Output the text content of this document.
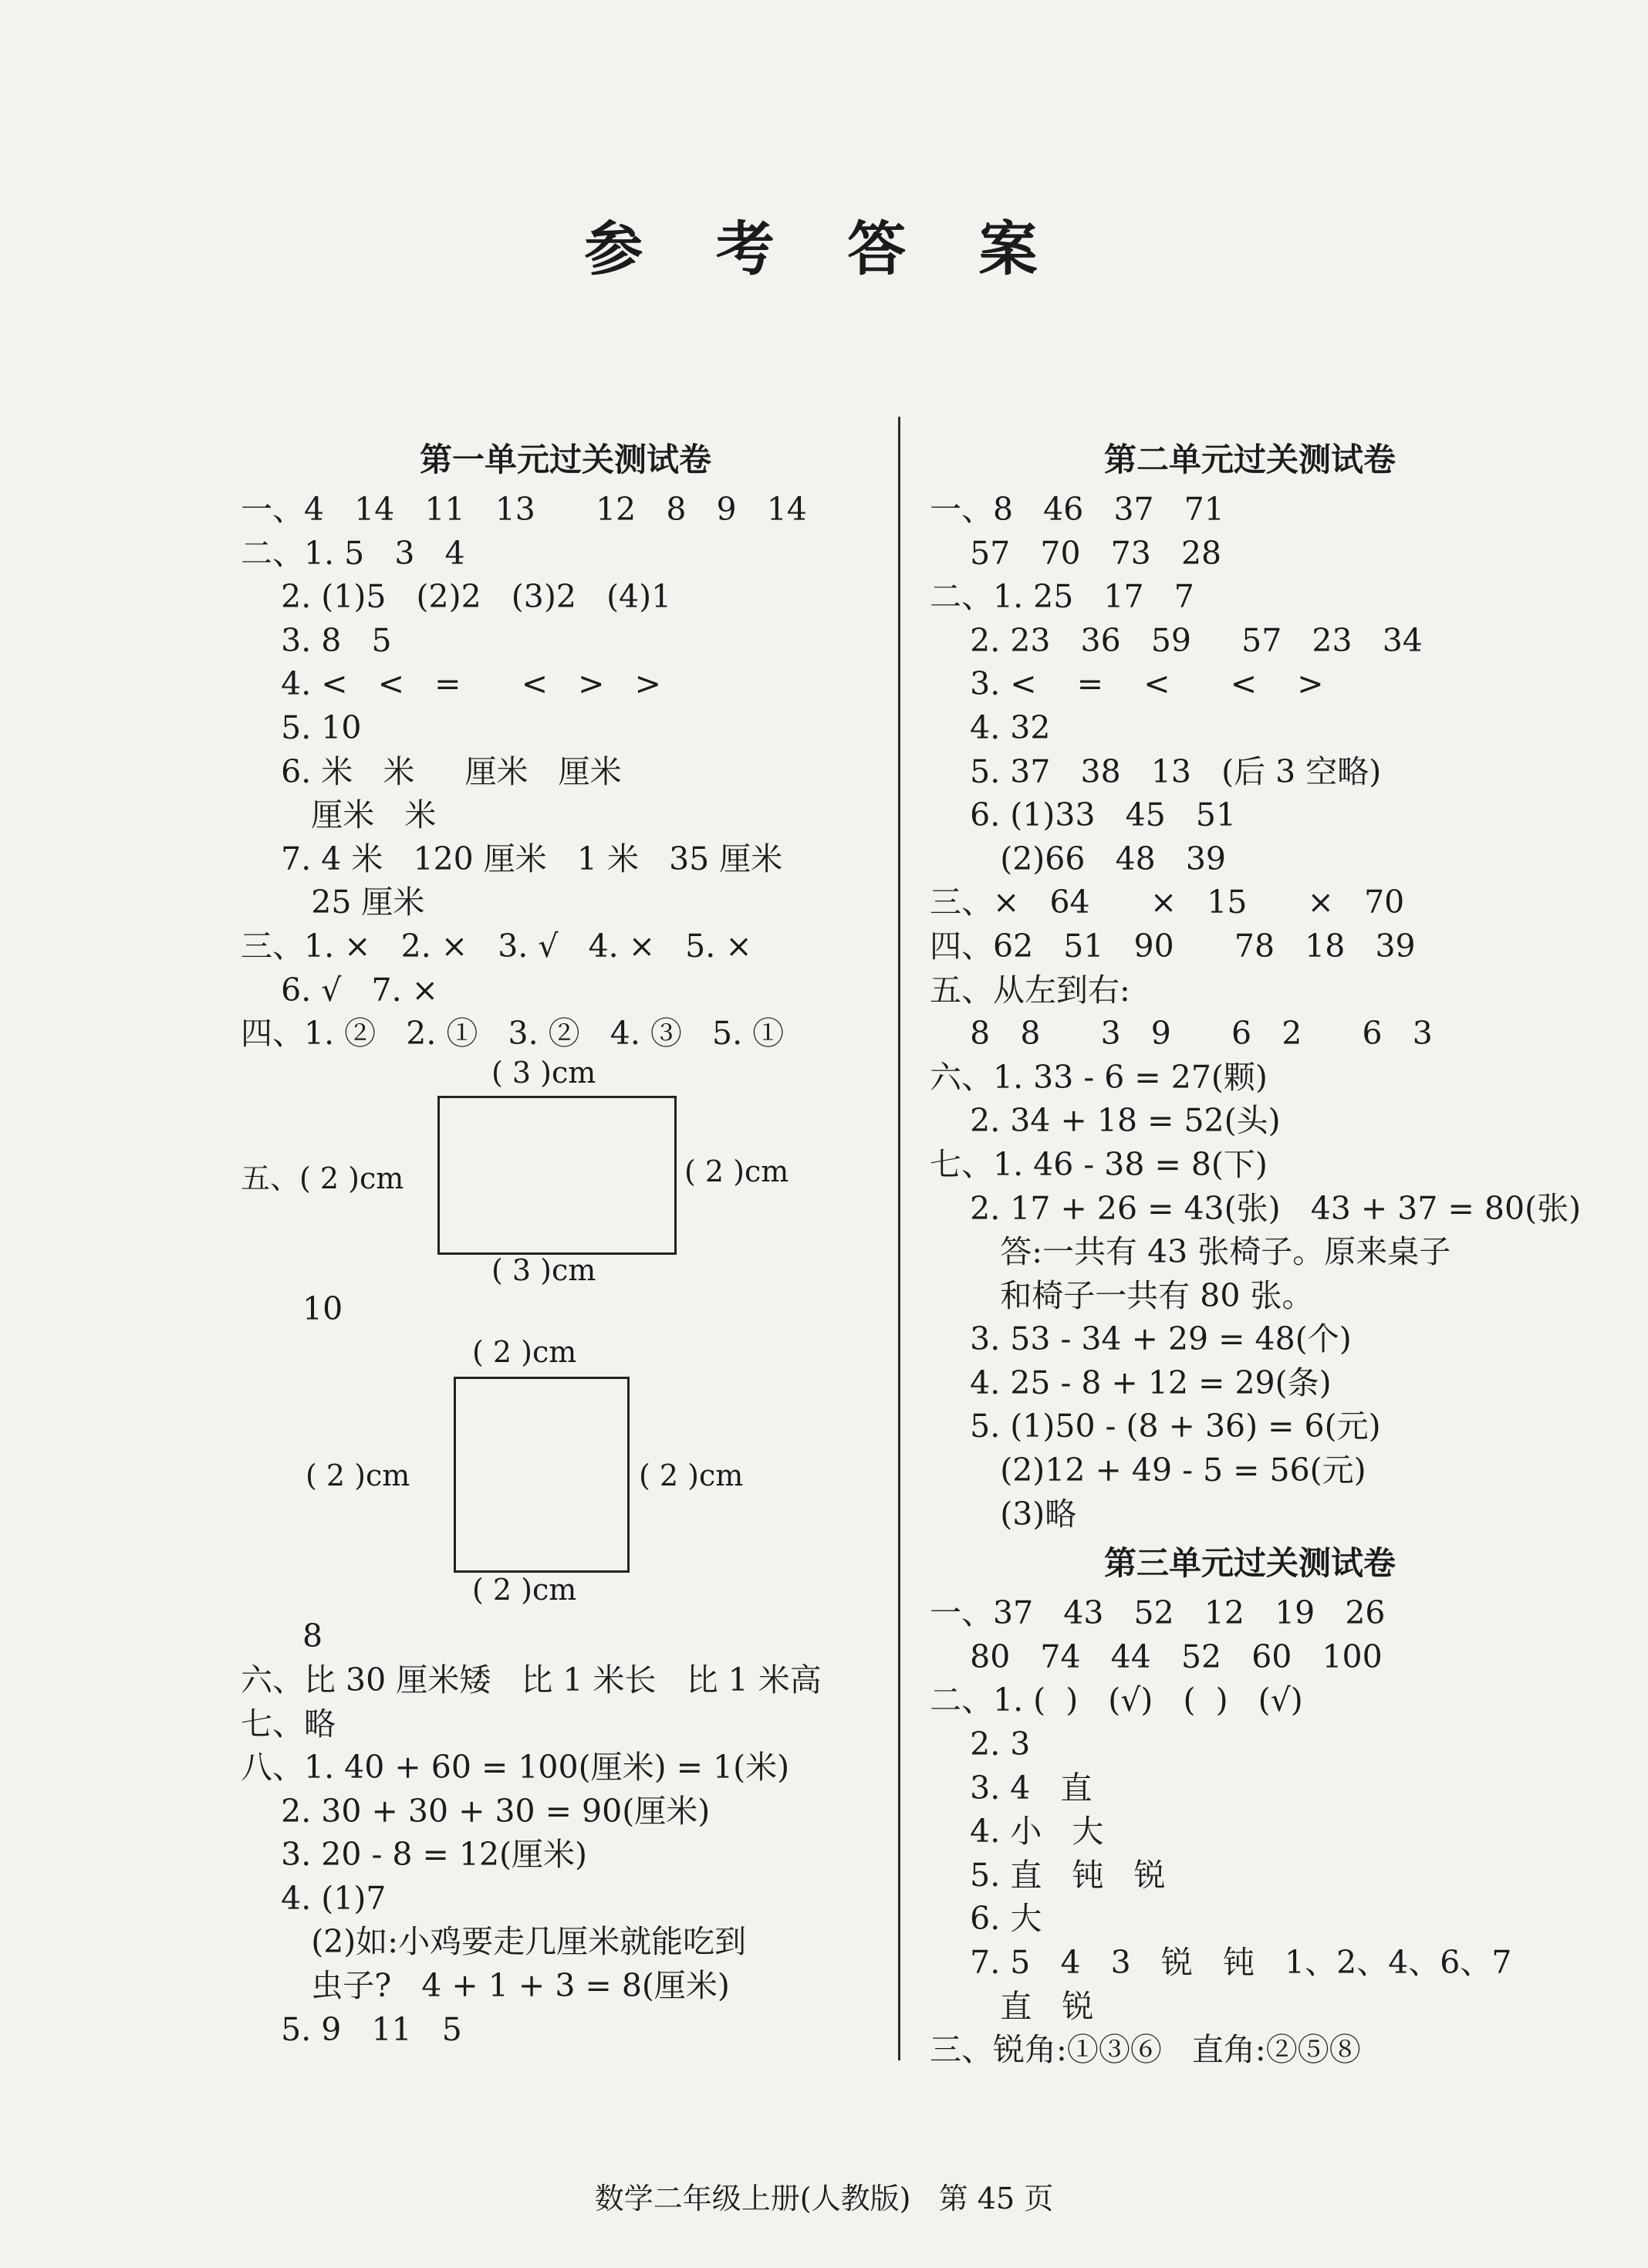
参 考 答 案
第一单元过关测试卷
一、4   14   11   13      12   8   9   14
二、1. 5   3   4
2. (1)5   (2)2   (3)2   (4)1
3. 8   5
4. <   <   =      <   >   >
5. 10
6. 米   米     厘米   厘米
厘米   米
7. 4 米   120 厘米   1 米   35 厘米
25 厘米
三、1. ×   2. ×   3. √   4. ×   5. ×
6. √   7. ×
四、1. ②   2. ①   3. ②   4. ③   5. ①
( 3 )cm
五、( 2 )cm	( 2 )cm
( 3 )cm
10
( 2 )cm
( 2 )cm	( 2 )cm
( 2 )cm
8
六、比 30 厘米矮   比 1 米长   比 1 米高
七、略
八、1. 40 + 60 = 100(厘米) = 1(米)
2. 30 + 30 + 30 = 90(厘米)
3. 20 - 8 = 12(厘米)
4. (1)7
(2)如:小鸡要走几厘米就能吃到
虫子?   4 + 1 + 3 = 8(厘米)
5. 9   11   5
第二单元过关测试卷
一、8   46   37   71
57   70   73   28
二、1. 25   17   7
2. 23   36   59     57   23   34
3. <    =    <      <    >
4. 32
5. 37   38   13   (后 3 空略)
6. (1)33   45   51
(2)66   48   39
三、×   64      ×   15      ×   70
四、62   51   90      78   18   39
五、从左到右:
8   8      3   9      6   2      6   3
六、1. 33 - 6 = 27(颗)
2. 34 + 18 = 52(头)
七、1. 46 - 38 = 8(下)
2. 17 + 26 = 43(张)   43 + 37 = 80(张)
答:一共有 43 张椅子。原来桌子
和椅子一共有 80 张。
3. 53 - 34 + 29 = 48(个)
4. 25 - 8 + 12 = 29(条)
5. (1)50 - (8 + 36) = 6(元)
(2)12 + 49 - 5 = 56(元)
(3)略
第三单元过关测试卷
一、37   43   52   12   19   26
80   74   44   52   60   100
二、1. (  )   (√)   (  )   (√)
2. 3
3. 4   直
4. 小   大
5. 直   钝   锐
6. 大
7. 5   4   3   锐   钝   1、2、4、6、7
直   锐
三、锐角:①③⑥   直角:②⑤⑧
数学二年级上册(人教版)   第 45 页
